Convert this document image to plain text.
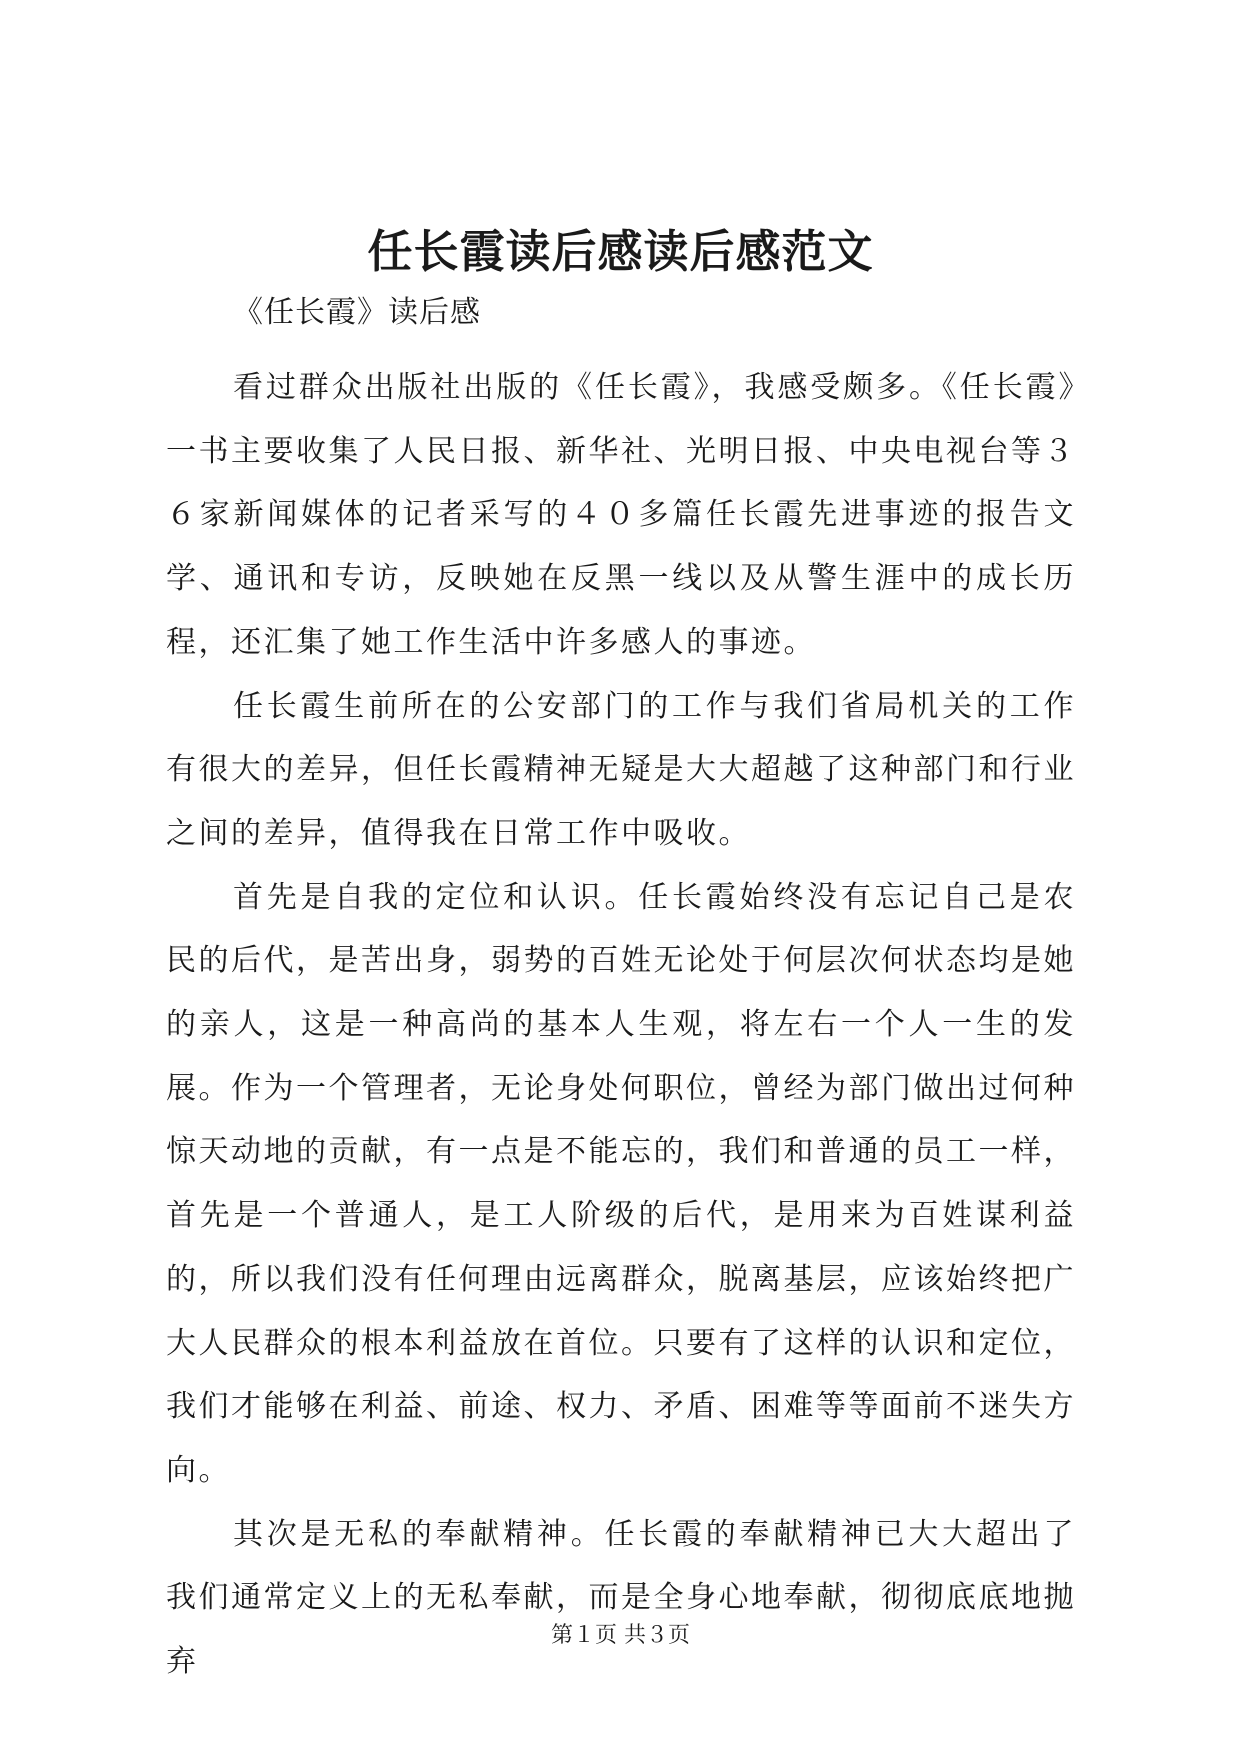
任长霞读后感读后感范文

《任长霞》读后感

看过群众出版社出版的《任长霞》，我感受颇多。《任长霞》一书主要收集了人民日报、新华社、光明日报、中央电视台等３６家新闻媒体的记者采写的４０多篇任长霞先进事迹的报告文学、通讯和专访，反映她在反黑一线以及从警生涯中的成长历程，还汇集了她工作生活中许多感人的事迹。

任长霞生前所在的公安部门的工作与我们省局机关的工作有很大的差异，但任长霞精神无疑是大大超越了这种部门和行业之间的差异，值得我在日常工作中吸收。

首先是自我的定位和认识。任长霞始终没有忘记自己是农民的后代，是苦出身，弱势的百姓无论处于何层次何状态均是她的亲人，这是一种高尚的基本人生观，将左右一个人一生的发展。作为一个管理者，无论身处何职位，曾经为部门做出过何种惊天动地的贡献，有一点是不能忘的，我们和普通的员工一样，首先是一个普通人，是工人阶级的后代，是用来为百姓谋利益的，所以我们没有任何理由远离群众，脱离基层，应该始终把广大人民群众的根本利益放在首位。只要有了这样的认识和定位，我们才能够在利益、前途、权力、矛盾、困难等等面前不迷失方向。

其次是无私的奉献精神。任长霞的奉献精神已大大超出了我们通常定义上的无私奉献，而是全身心地奉献，彻彻底底地抛弃

第１页 共３页
